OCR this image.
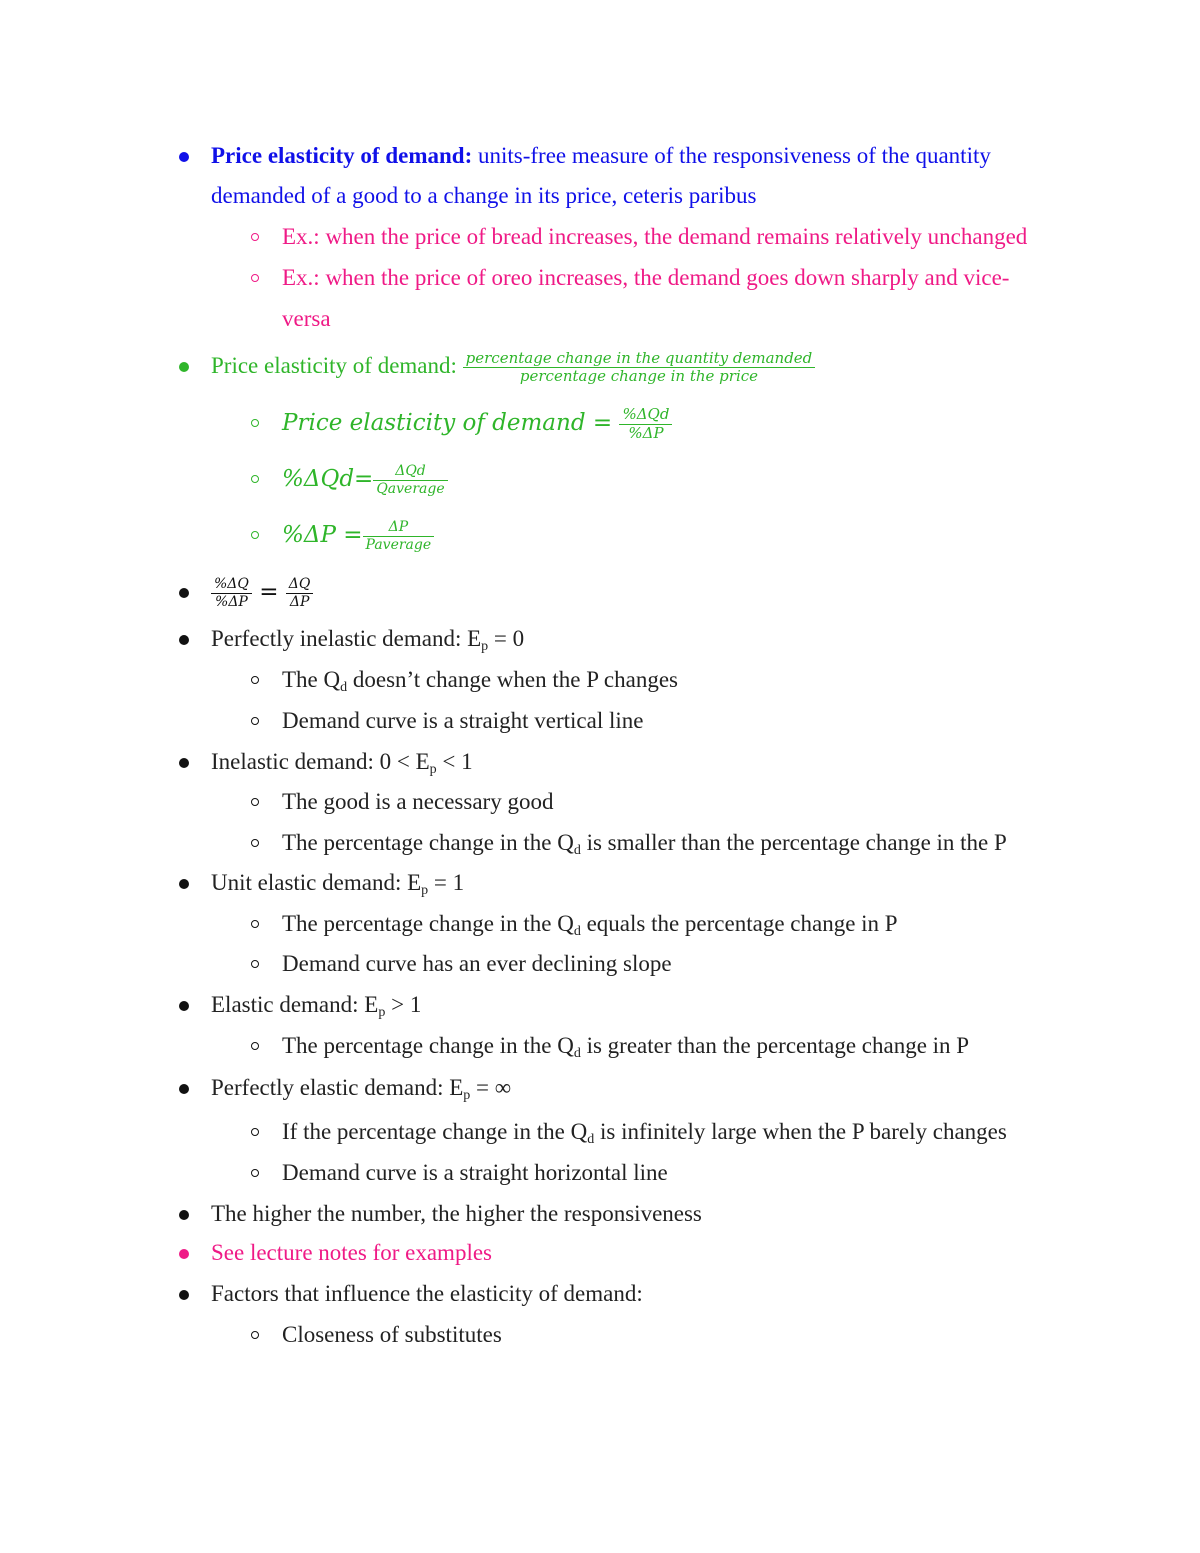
Price elasticity of demand: units-free measure of the responsiveness of the quantity
demanded of a good to a change in its price, ceteris paribus
Ex.: when the price of bread increases, the demand remains relatively unchanged
Ex.: when the price of oreo increases, the demand goes down sharply and vice-
versa
Price elasticity of demand: $\frac{\text{percentage change in the quantity demanded}}{\text{percentage change in the price}}$
Price elasticity of demand = $\frac{\text{\%ΔQd}}{\%\Delta P}$
$\%\Delta Qd= \frac{\text{ΔQd}}{\text{Qaverage}}$
$\%\Delta P = \frac{\Delta P}{\text{Paverage}}$
$\frac{\%\Delta Q}{\%\Delta P} = \frac{\Delta Q}{\Delta P}$
Perfectly inelastic demand: $E_p = 0$
The $Q_d$ doesn’t change when the P changes
Demand curve is a straight vertical line
Inelastic demand: $0 < E_p < 1$
The good is a necessary good
The percentage change in the $Q_d$ is smaller than the percentage change in the P
Unit elastic demand: $E_p = 1$
The percentage change in the $Q_d$ equals the percentage change in P
Demand curve has an ever declining slope
Elastic demand: $E_p > 1$
The percentage change in the $Q_d$ is greater than the percentage change in P
Perfectly elastic demand: $E_p$ = ∞
If the percentage change in the $Q_d$ is infinitely large when the P barely changes
Demand curve is a straight horizontal line
The higher the number, the higher the responsiveness
See lecture notes for examples
Factors that influence the elasticity of demand:
Closeness of substitutes
